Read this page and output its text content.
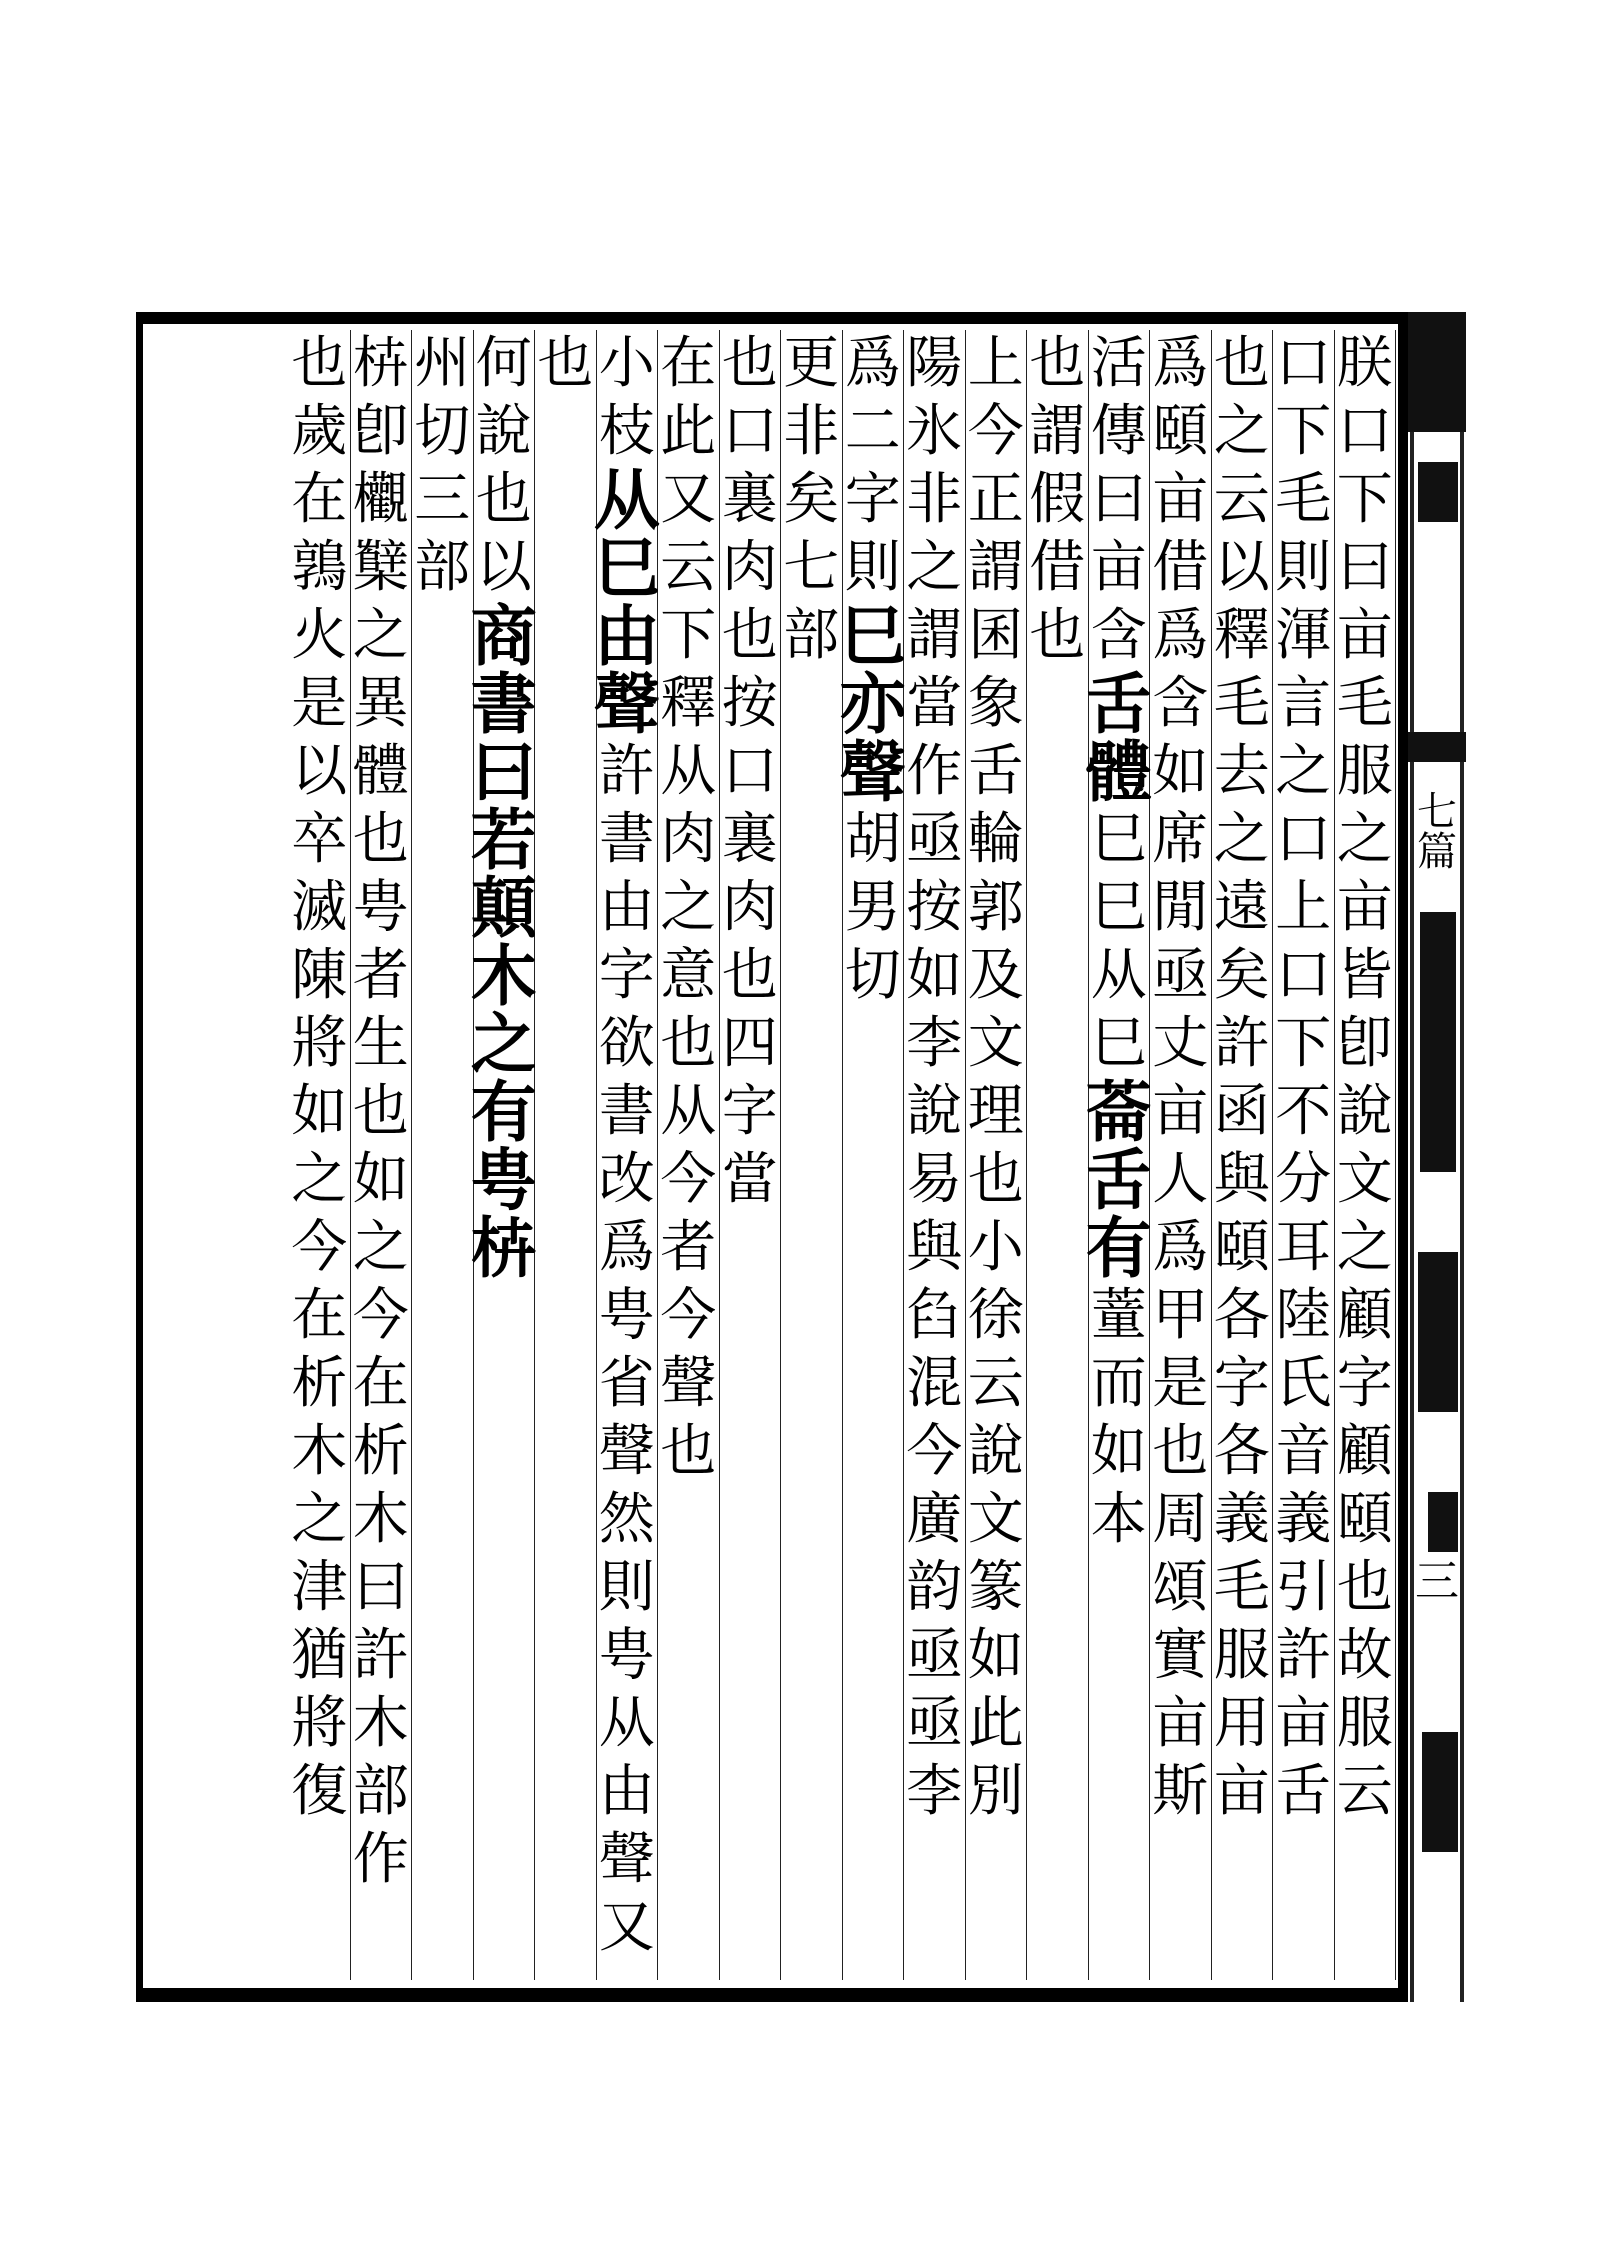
七篇
三
朕
口
下
曰
亩
毛
服
之
亩
皆
卽
說
文
之
顧
字
顧
頤
也
故
服
云
口
下
毛
則
渾
言
之
口
上
口
下
不
分
耳
陸
氏
音
義
引
許
亩
舌
也
之
云
以
釋
毛
去
之
遠
矣
許
函
與
頤
各
字
各
義
毛
服
用
亩
爲
頤
亩
借
爲
含
如
席
閒
亟
丈
亩
人
爲
甲
是
也
周
頌
實
亩
斯
活
傳
曰
亩
含
舌
體
巳
巳
从
巳
菕
舌
有
蕫
而
如
本
也
謂
假
借
也
上
今
正
謂
囷
象
舌
輪
郭
及
文
理
也
小
徐
云
說
文
篆
如
此
別
陽
氷
非
之
謂
當
作
亟
按
如
李
說
易
與
臽
混
今
廣
韵
亟
亟
李
爲
二
字
則
巳
亦
聲
胡
男
切
更
非
矣
七
部
也
口
裏
肉
也
按
口
裏
肉
也
四
字
當
在
此
又
云
下
釋
从
肉
之
意
也
从
今
者
今
聲
也
小
枝
从
巳
由
聲
許
書
由
字
欲
書
改
爲
甹
省
聲
然
則
甹
从
由
聲
又
也
何
說
也
以
商
書
曰
若
顛
木
之
有
甹
枿
州
切
三
部
枿
卽
欟
櫱
之
異
體
也
甹
者
生
也
如
之
今
在
析
木
曰
許
木
部
作
也
歲
在
鶉
火
是
以
卒
滅
陳
將
如
之
今
在
析
木
之
津
猶
將
復
